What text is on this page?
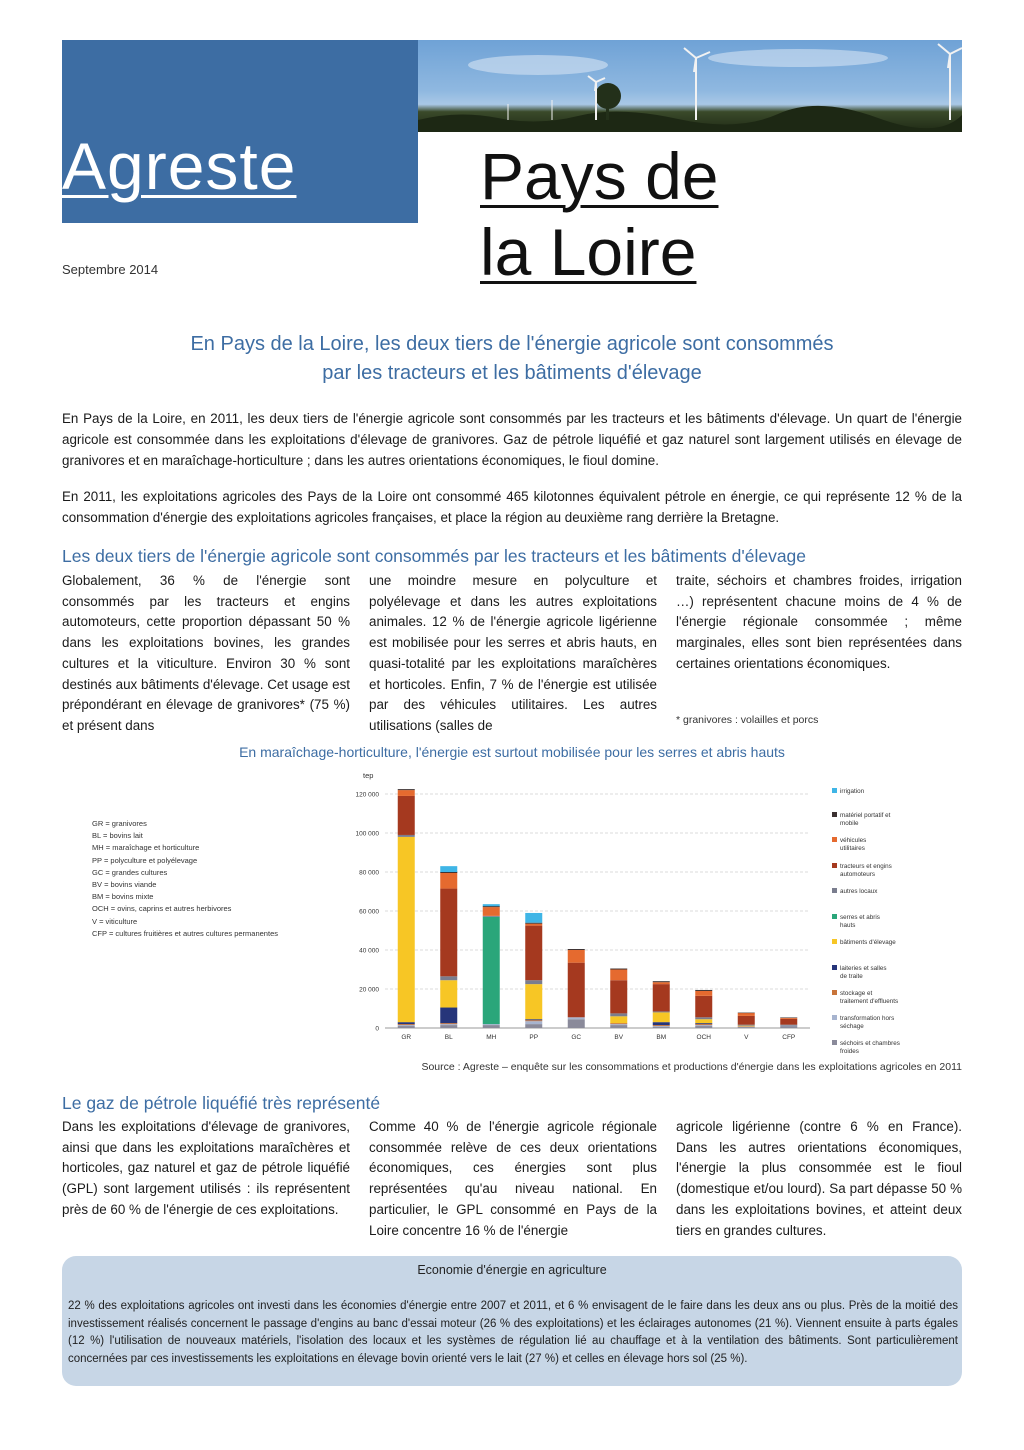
Agreste	Pays de
la Loire
Septembre 2014
En Pays de la Loire, les deux tiers de l'énergie agricole sont consommés
par les tracteurs et les bâtiments d'élevage
En Pays de la Loire, en 2011, les deux tiers de l'énergie agricole sont consommés par les tracteurs et les bâtiments d'élevage. Un quart de l'énergie agricole est consommée dans les exploitations d'élevage de granivores. Gaz de pétrole liquéfié et gaz naturel sont largement utilisés en élevage de granivores et en maraîchage-horticulture ; dans les autres orientations économiques, le fioul domine.
En 2011, les exploitations agricoles des Pays de la Loire ont consommé 465 kilotonnes équivalent pétrole en énergie, ce qui représente 12 % de la consommation d'énergie des exploitations agricoles françaises, et place la région au deuxième rang derrière la Bretagne.
Les deux tiers de l'énergie agricole sont consommés par les tracteurs et les bâtiments d'élevage
Globalement, 36 % de l'énergie sont consommés par les tracteurs et engins automoteurs, cette proportion dépassant 50 % dans les exploitations bovines, les grandes cultures et la viticulture. Environ 30 % sont destinés aux bâtiments d'élevage. Cet usage est prépondérant en élevage de granivores* (75 %) et présent dans
une moindre mesure en polyculture et polyélevage et dans les autres exploitations animales. 12 % de l'énergie agricole ligérienne est mobilisée pour les serres et abris hauts, en quasi-totalité par les exploitations maraîchères et horticoles. Enfin, 7 % de l'énergie est utilisée par des véhicules utilitaires. Les autres utilisations (salles de
traite, séchoirs et chambres froides, irrigation …) représentent chacune moins de 4 % de l'énergie régionale consommée ; même marginales, elles sont bien représentées dans certaines orientations économiques.
* granivores : volailles et porcs
En maraîchage-horticulture, l'énergie est surtout mobilisée pour les serres et abris hauts
GR = granivores
BL = bovins lait
MH = maraîchage et horticulture
PP = polyculture et polyélevage
GC = grandes cultures
BV = bovins viande
BM = bovins mixte
OCH = ovins, caprins et autres herbivores
V = viticulture
CFP = cultures fruitières et autres cultures permanentes
tep
0
20 000
40 000
60 000
80 000
100 000
120 000
GR	BL	MH	PP	GC	BV	BM	OCH	V	CFP
irrigation
matériel portatif et mobile
véhicules utilitaires
tracteurs et engins automoteurs
autres locaux
serres et abris hauts
bâtiments d'élevage
laiteries et salles de traite
stockage et traitement d'effluents
transformation hors séchage
séchoirs et chambres froides
Source : Agreste – enquête sur les consommations et productions d'énergie dans les exploitations agricoles en 2011
Le gaz de pétrole liquéfié très représenté
Dans les exploitations d'élevage de granivores, ainsi que dans les exploitations maraîchères et horticoles, gaz naturel et gaz de pétrole liquéfié (GPL) sont largement utilisés : ils représentent près de 60 % de l'énergie de ces exploitations.
Comme 40 % de l'énergie agricole régionale consommée relève de ces deux orientations économiques, ces énergies sont plus représentées qu'au niveau national. En particulier, le GPL consommé en Pays de la Loire concentre 16 % de l'énergie
agricole ligérienne (contre 6 % en France). Dans les autres orientations économiques, l'énergie la plus consommée est le fioul (domestique et/ou lourd). Sa part dépasse 50 % dans les exploitations bovines, et atteint deux tiers en grandes cultures.
Economie d'énergie en agriculture
22 % des exploitations agricoles ont investi dans les économies d'énergie entre 2007 et 2011, et 6 % envisagent de le faire dans les deux ans ou plus. Près de la moitié des investissement réalisés concernent le passage d'engins au banc d'essai moteur (26 % des exploitations) et les éclairages autonomes (21 %). Viennent ensuite à parts égales (12 %) l'utilisation de nouveaux matériels, l'isolation des locaux et les systèmes de régulation lié au chauffage et à la ventilation des bâtiments. Sont particulièrement concernées par ces investissements les exploitations en élevage bovin orienté vers le lait (27 %) et celles en élevage hors sol (25 %).
